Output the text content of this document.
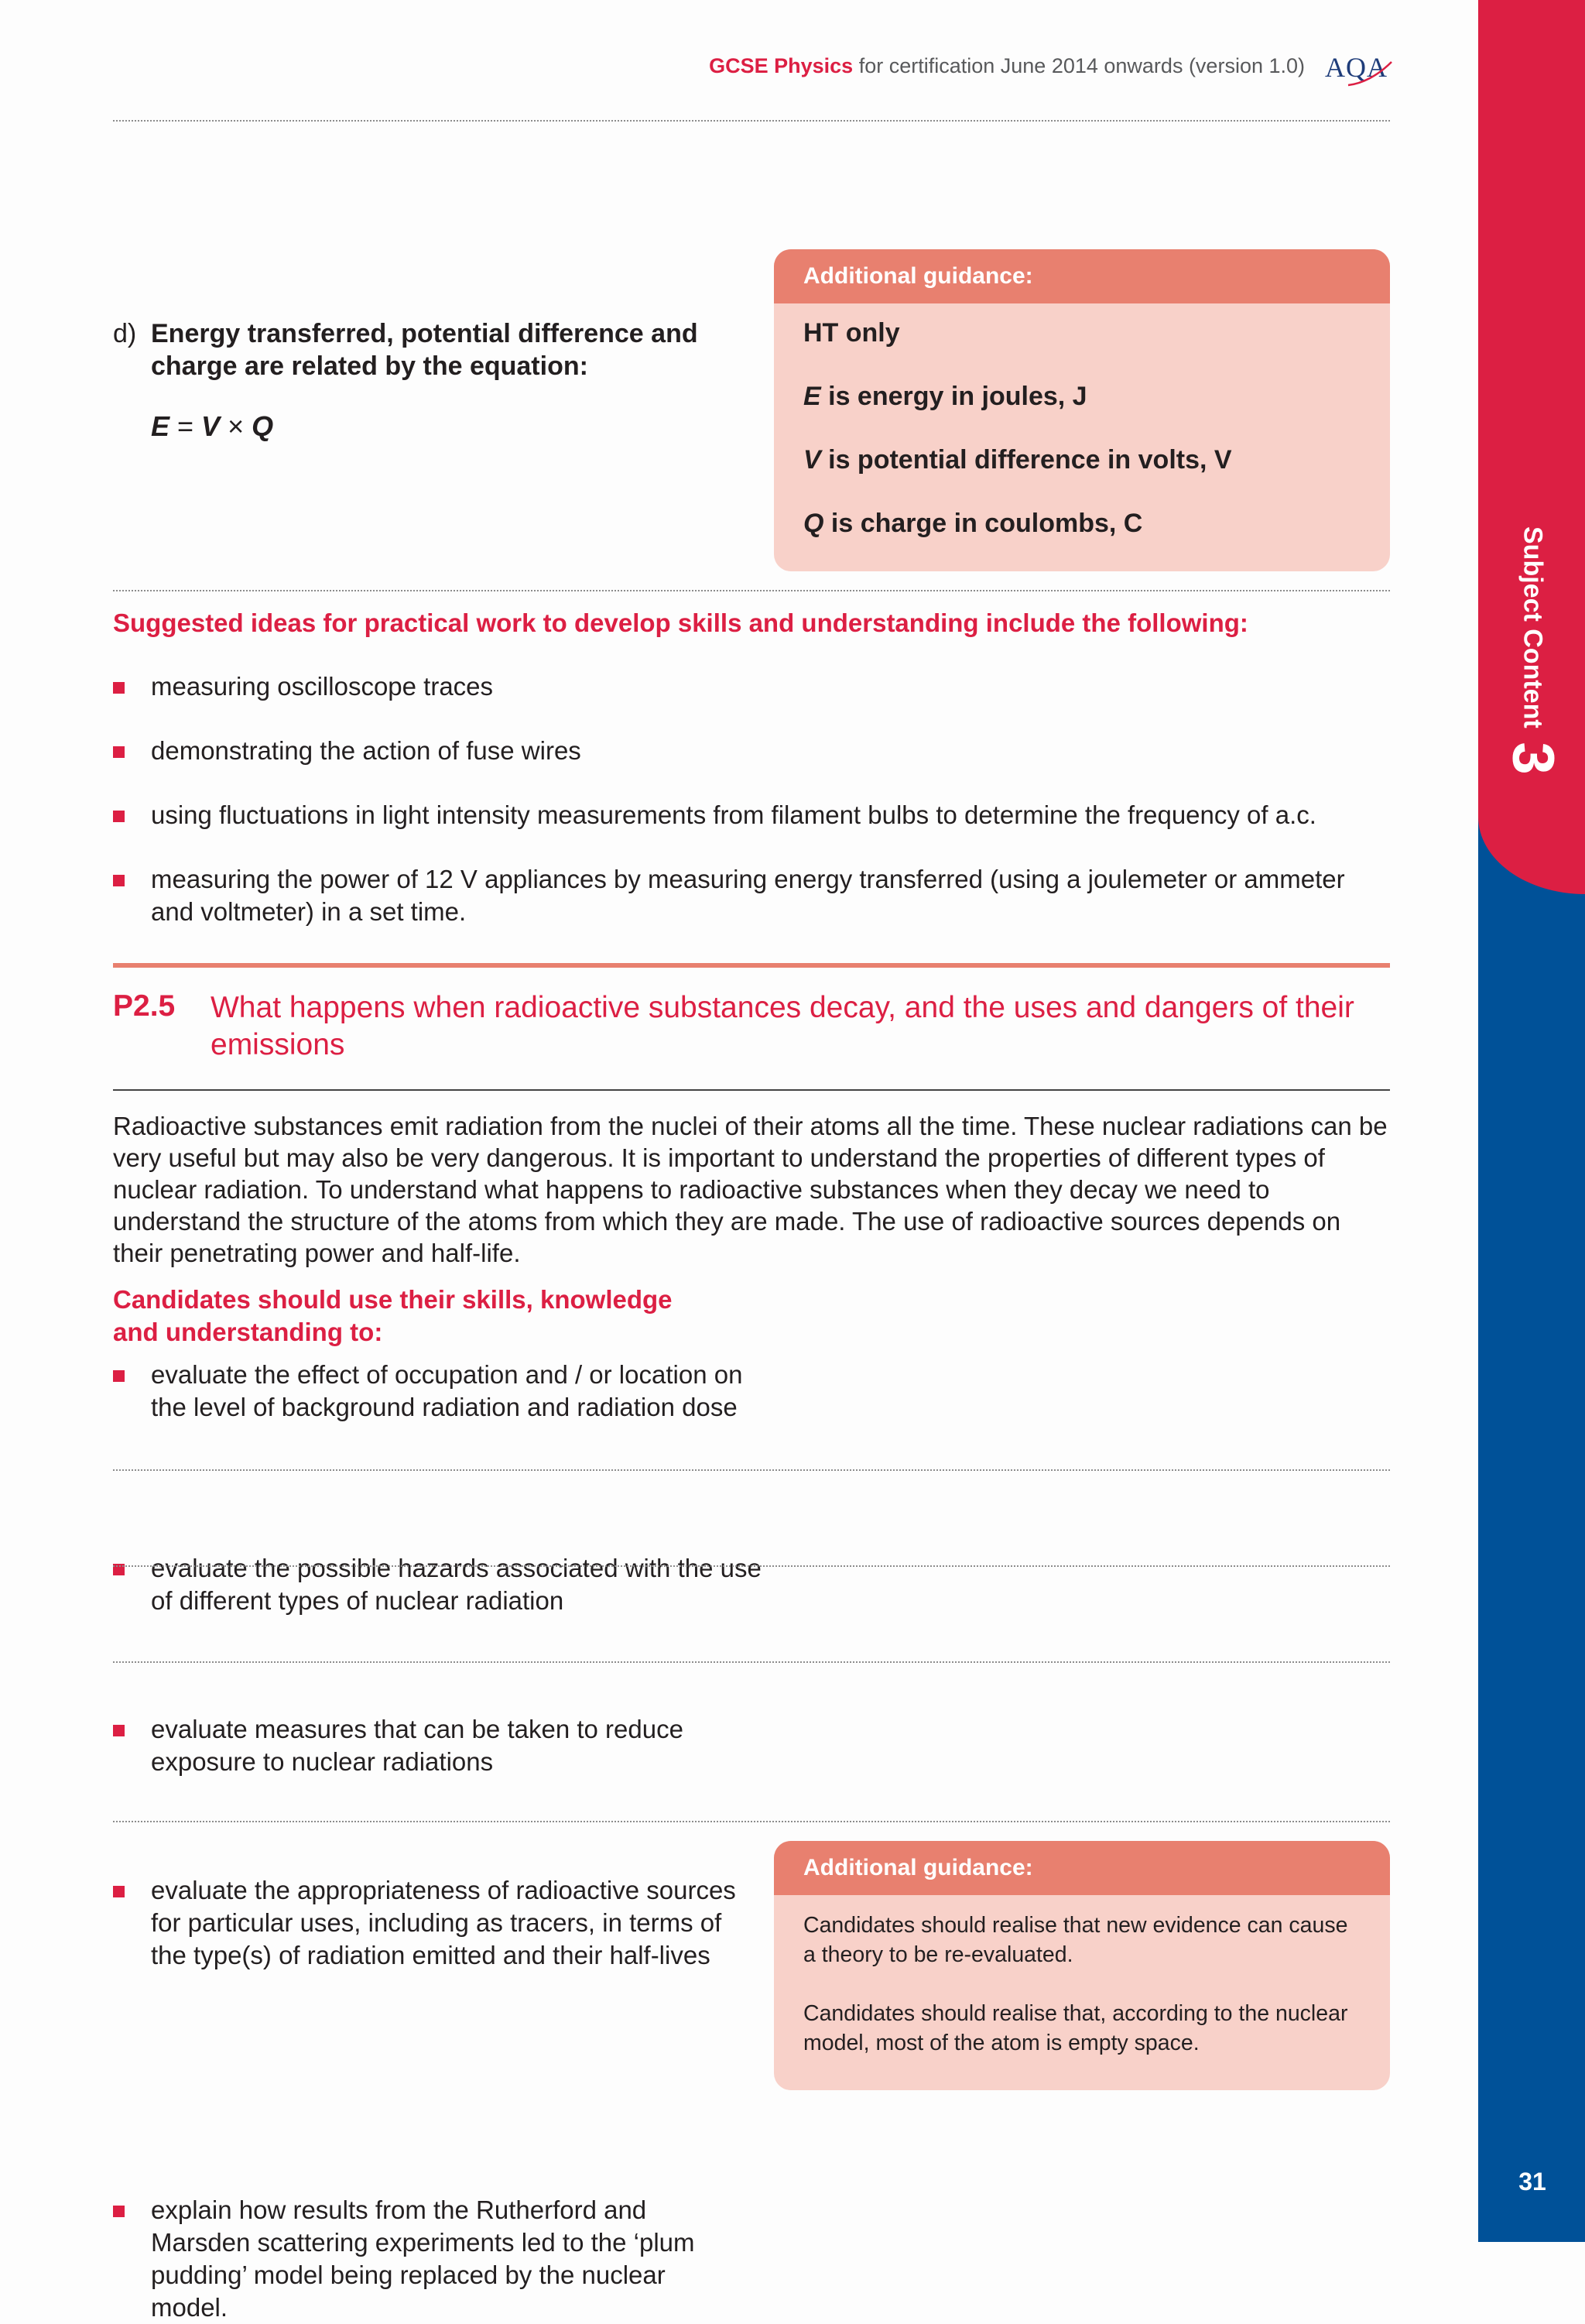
Subject Content
3
31
GCSE Physics for certification June 2014 onwards (version 1.0) AQA
d) Energy transferred, potential difference and charge are related by the equation:
E = V × Q
Additional guidance:

HT only

E is energy in joules, J

V is potential difference in volts, V

Q is charge in coulombs, C

Suggested ideas for practical work to develop skills and understanding include the following:
measuring oscilloscope traces
demonstrating the action of fuse wires
using fluctuations in light intensity measurements from filament bulbs to determine the frequency of a.c.
measuring the power of 12 V appliances by measuring energy transferred (using a joulemeter or ammeter and voltmeter) in a set time.
P2.5 What happens when radioactive substances decay, and the uses and dangers of their emissions
Radioactive substances emit radiation from the nuclei of their atoms all the time. These nuclear radiations can be very useful but may also be very dangerous. It is important to understand the properties of different types of nuclear radiation. To understand what happens to radioactive substances when they decay we need to understand the structure of the atoms from which they are made. The use of radioactive sources depends on their penetrating power and half-life.
Candidates should use their skills, knowledge and understanding to:
evaluate the effect of occupation and / or location on the level of background radiation and radiation dose
evaluate the possible hazards associated with the use of different types of nuclear radiation
evaluate measures that can be taken to reduce exposure to nuclear radiations
evaluate the appropriateness of radioactive sources for particular uses, including as tracers, in terms of the type(s) of radiation emitted and their half-lives
explain how results from the Rutherford and Marsden scattering experiments led to the ‘plum pudding’ model being replaced by the nuclear model.
Additional guidance:

Candidates should realise that new evidence can cause a theory to be re-evaluated.

Candidates should realise that, according to the nuclear model, most of the atom is empty space.
